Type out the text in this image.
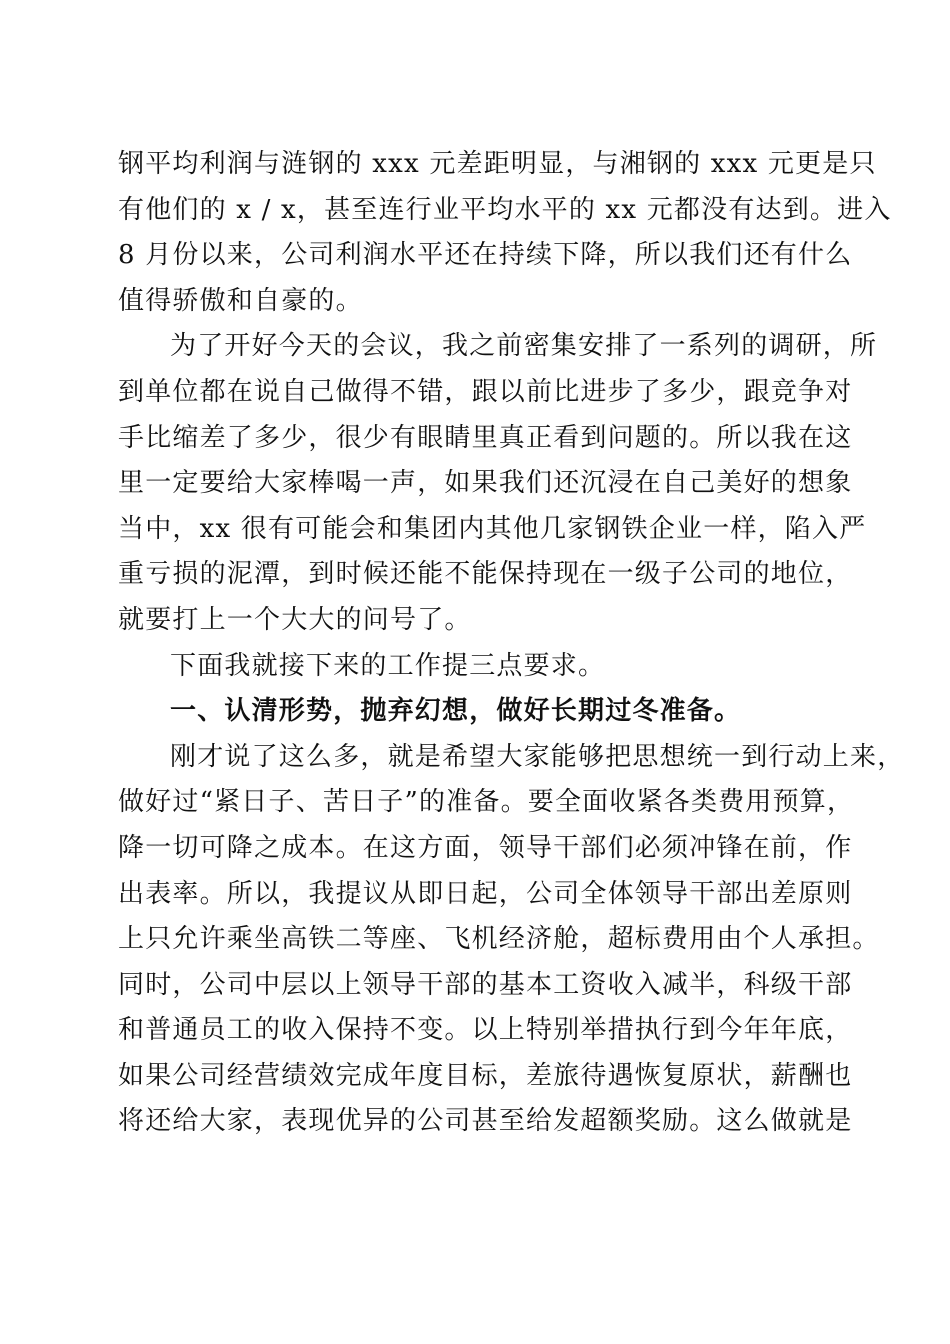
钢平均利润与涟钢的 xxx 元差距明显，与湘钢的 xxx 元更是只
有他们的 x / x，甚至连行业平均水平的 xx 元都没有达到。进入
8 月份以来，公司利润水平还在持续下降，所以我们还有什么
值得骄傲和自豪的。

为了开好今天的会议，我之前密集安排了一系列的调研，所
到单位都在说自己做得不错，跟以前比进步了多少，跟竞争对
手比缩差了多少，很少有眼睛里真正看到问题的。所以我在这
里一定要给大家棒喝一声，如果我们还沉浸在自己美好的想象
当中，xx 很有可能会和集团内其他几家钢铁企业一样，陷入严
重亏损的泥潭，到时候还能不能保持现在一级子公司的地位，
就要打上一个大大的问号了。

下面我就接下来的工作提三点要求。

一、认清形势，抛弃幻想，做好长期过冬准备。

刚才说了这么多，就是希望大家能够把思想统一到行动上来，
做好过“紧日子、苦日子”的准备。要全面收紧各类费用预算，
降一切可降之成本。在这方面，领导干部们必须冲锋在前，作
出表率。所以，我提议从即日起，公司全体领导干部出差原则
上只允许乘坐高铁二等座、飞机经济舱，超标费用由个人承担。
同时，公司中层以上领导干部的基本工资收入减半，科级干部
和普通员工的收入保持不变。以上特别举措执行到今年年底，
如果公司经营绩效完成年度目标，差旅待遇恢复原状，薪酬也
将还给大家，表现优异的公司甚至给发超额奖励。这么做就是
